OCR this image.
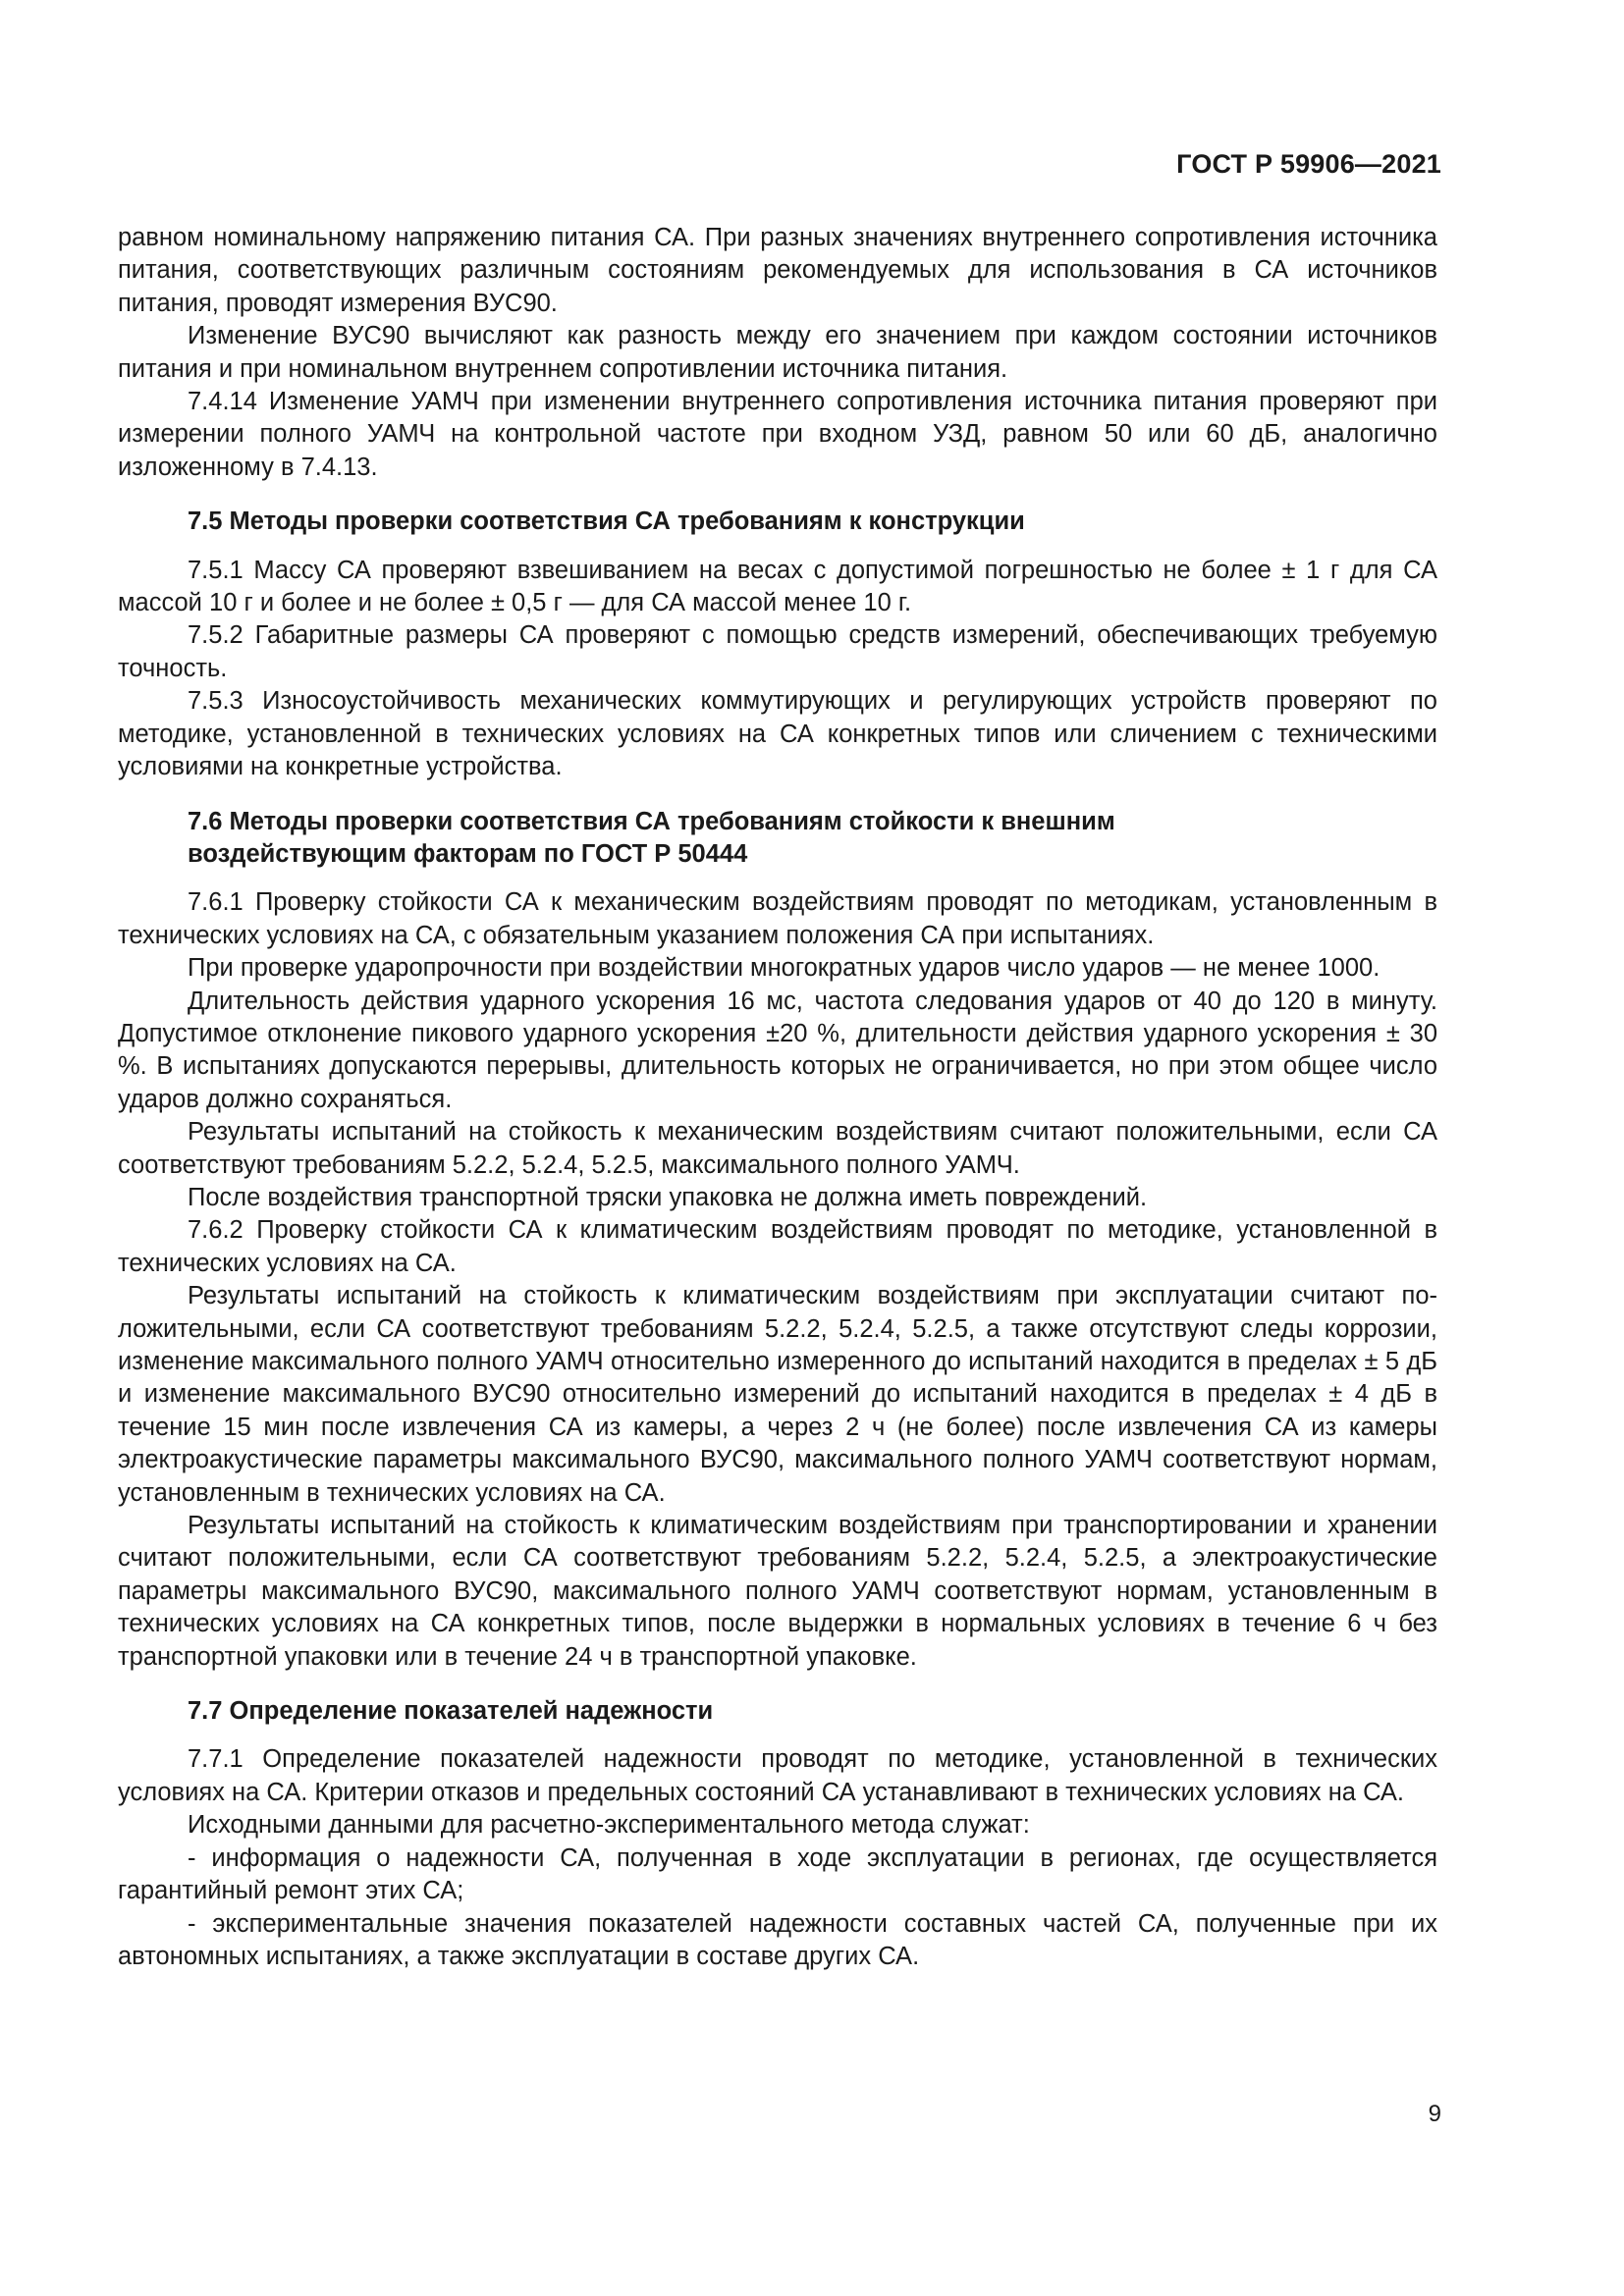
ГОСТ Р 59906—2021

равном номинальному напряжению питания СА. При разных значениях внутреннего сопротивления источника питания, соответствующих различным состояниям рекомендуемых для использования в СА источников питания, проводят измерения ВУС90.

Изменение ВУС90 вычисляют как разность между его значением при каждом состоянии источников питания и при номинальном внутреннем сопротивлении источника питания.

7.4.14 Изменение УАМЧ при изменении внутреннего сопротивления источника питания проверяют при измерении полного УАМЧ на контрольной частоте при входном УЗД, равном 50 или 60 дБ, аналогично изложенному в 7.4.13.

7.5 Методы проверки соответствия СА требованиям к конструкции

7.5.1 Массу СА проверяют взвешиванием на весах с допустимой погрешностью не более ± 1 г для СА массой 10 г и более и не более ± 0,5 г — для СА массой менее 10 г.

7.5.2 Габаритные размеры СА проверяют с помощью средств измерений, обеспечивающих требуемую точность.

7.5.3 Износоустойчивость механических коммутирующих и регулирующих устройств проверяют по методике, установленной в технических условиях на СА конкретных типов или сличением с техническими условиями на конкретные устройства.

7.6 Методы проверки соответствия СА требованиям стойкости к внешним
воздействующим факторам по ГОСТ Р 50444

7.6.1 Проверку стойкости СА к механическим воздействиям проводят по методикам, установленным в технических условиях на СА, с обязательным указанием положения СА при испытаниях.

При проверке ударопрочности при воздействии многократных ударов число ударов — не менее 1000.

Длительность действия ударного ускорения 16 мс, частота следования ударов от 40 до 120 в минуту. Допустимое отклонение пикового ударного ускорения ±20 %, длительности действия ударного ускорения ± 30 %. В испытаниях допускаются перерывы, длительность которых не ограничивается, но при этом общее число ударов должно сохраняться.

Результаты испытаний на стойкость к механическим воздействиям считают положительными, если СА соответствуют требованиям 5.2.2, 5.2.4, 5.2.5, максимального полного УАМЧ.

После воздействия транспортной тряски упаковка не должна иметь повреждений.

7.6.2 Проверку стойкости СА к климатическим воздействиям проводят по методике, установленной в технических условиях на СА.

Результаты испытаний на стойкость к климатическим воздействиям при эксплуатации считают положительными, если СА соответствуют требованиям 5.2.2, 5.2.4, 5.2.5, а также отсутствуют следы коррозии, изменение максимального полного УАМЧ относительно измеренного до испытаний находится в пределах ± 5 дБ и изменение максимального ВУС90 относительно измерений до испытаний находится в пределах ± 4 дБ в течение 15 мин после извлечения СА из камеры, а через 2 ч (не более) после извлечения СА из камеры электроакустические параметры максимального ВУС90, максимального полного УАМЧ соответствуют нормам, установленным в технических условиях на СА.

Результаты испытаний на стойкость к климатическим воздействиям при транспортировании и хранении считают положительными, если СА соответствуют требованиям 5.2.2, 5.2.4, 5.2.5, а электроакустические параметры максимального ВУС90, максимального полного УАМЧ соответствуют нормам, установленным в технических условиях на СА конкретных типов, после выдержки в нормальных условиях в течение 6 ч без транспортной упаковки или в течение 24 ч в транспортной упаковке.

7.7 Определение показателей надежности

7.7.1 Определение показателей надежности проводят по методике, установленной в технических условиях на СА. Критерии отказов и предельных состояний СА устанавливают в технических условиях на СА.

Исходными данными для расчетно-экспериментального метода служат:

- информация о надежности СА, полученная в ходе эксплуатации в регионах, где осуществляется гарантийный ремонт этих СА;

- экспериментальные значения показателей надежности составных частей СА, полученные при их автономных испытаниях, а также эксплуатации в составе других СА.

9
